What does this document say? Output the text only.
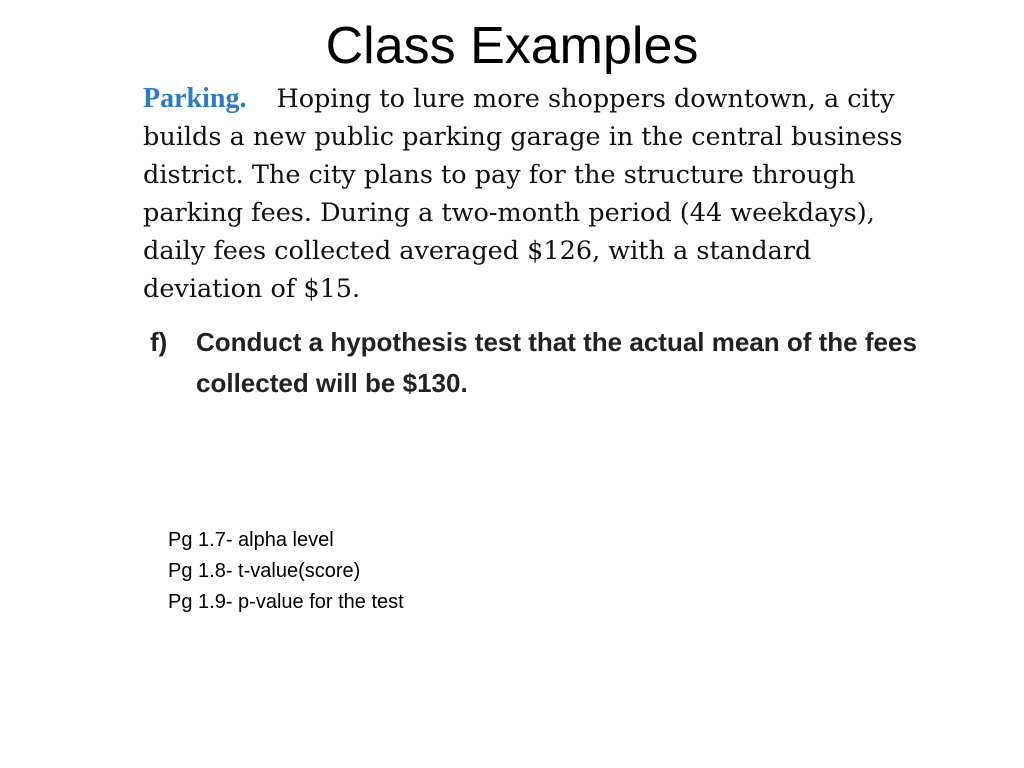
Class Examples

Parking. Hoping to lure more shoppers downtown, a city builds a new public parking garage in the central business district. The city plans to pay for the structure through parking fees. During a two-month period (44 weekdays), daily fees collected averaged $126, with a standard deviation of $15.

f)	Conduct a hypothesis test that the actual mean of the fees collected will be $130.
Pg 1.7- alpha level
Pg 1.8- t-value(score)
Pg 1.9- p-value for the test
